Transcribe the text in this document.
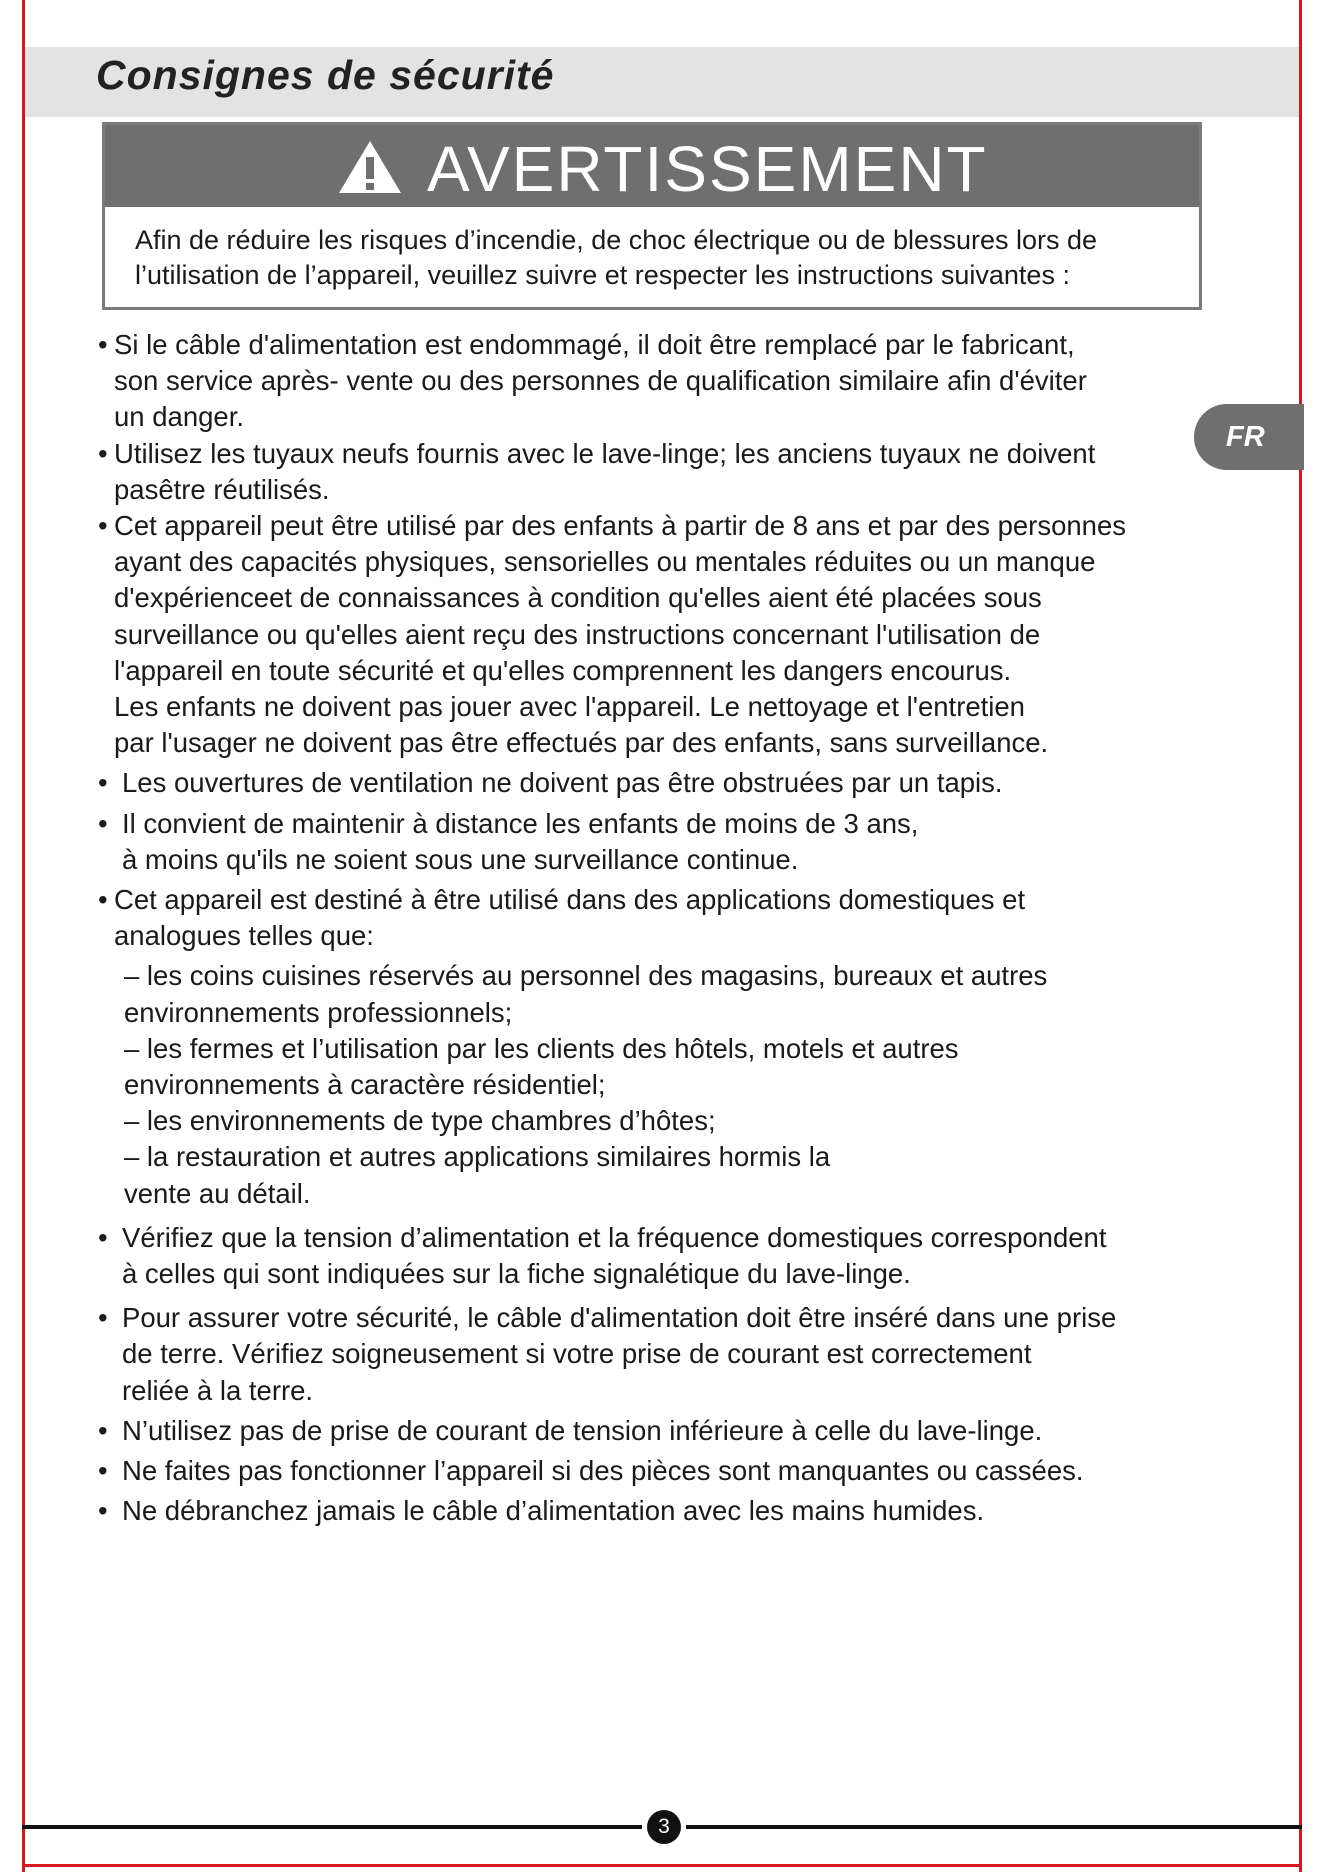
Consignes de sécurité
AVERTISSEMENT

Afin de réduire les risques d’incendie, de choc électrique ou de blessures lors de
l’utilisation de l’appareil, veuillez suivre et respecter les instructions suivantes :

FR
• Si le câble d'alimentation est endommagé, il doit être remplacé par le fabricant,

son service après- vente ou des personnes de qualification similaire afin d'éviter

un danger.

• Utilisez les tuyaux neufs fournis avec le lave-linge; les anciens tuyaux ne doivent

pasêtre réutilisés.

• Cet appareil peut être utilisé par des enfants à partir de 8 ans et par des personnes

ayant des capacités physiques, sensorielles ou mentales réduites ou un manque

d'expérienceet de connaissances à condition qu'elles aient été placées sous

surveillance ou qu'elles aient reçu des instructions concernant l'utilisation de

l'appareil en toute sécurité et qu'elles comprennent les dangers encourus.

Les enfants ne doivent pas jouer avec l'appareil. Le nettoyage et l'entretien

par l'usager ne doivent pas être effectués par des enfants, sans surveillance.

• Les ouvertures de ventilation ne doivent pas être obstruées par un tapis.

• Il convient de maintenir à distance les enfants de moins de 3 ans,

à moins qu'ils ne soient sous une surveillance continue.

• Cet appareil est destiné à être utilisé dans des applications domestiques et

analogues telles que:

– les coins cuisines réservés au personnel des magasins, bureaux et autres

environnements professionnels;

– les fermes et l’utilisation par les clients des hôtels, motels et autres

environnements à caractère résidentiel;

– les environnements de type chambres d’hôtes;

– la restauration et autres applications similaires hormis la

vente au détail.

• Vérifiez que la tension d’alimentation et la fréquence domestiques correspondent

à celles qui sont indiquées sur la fiche signalétique du lave-linge.

• Pour assurer votre sécurité, le câble d'alimentation doit être inséré dans une prise

de terre. Vérifiez soigneusement si votre prise de courant est correctement

reliée à la terre.

• N’utilisez pas de prise de courant de tension inférieure à celle du lave-linge.

• Ne faites pas fonctionner l’appareil si des pièces sont manquantes ou cassées.

• Ne débranchez jamais le câble d’alimentation avec les mains humides.

3
